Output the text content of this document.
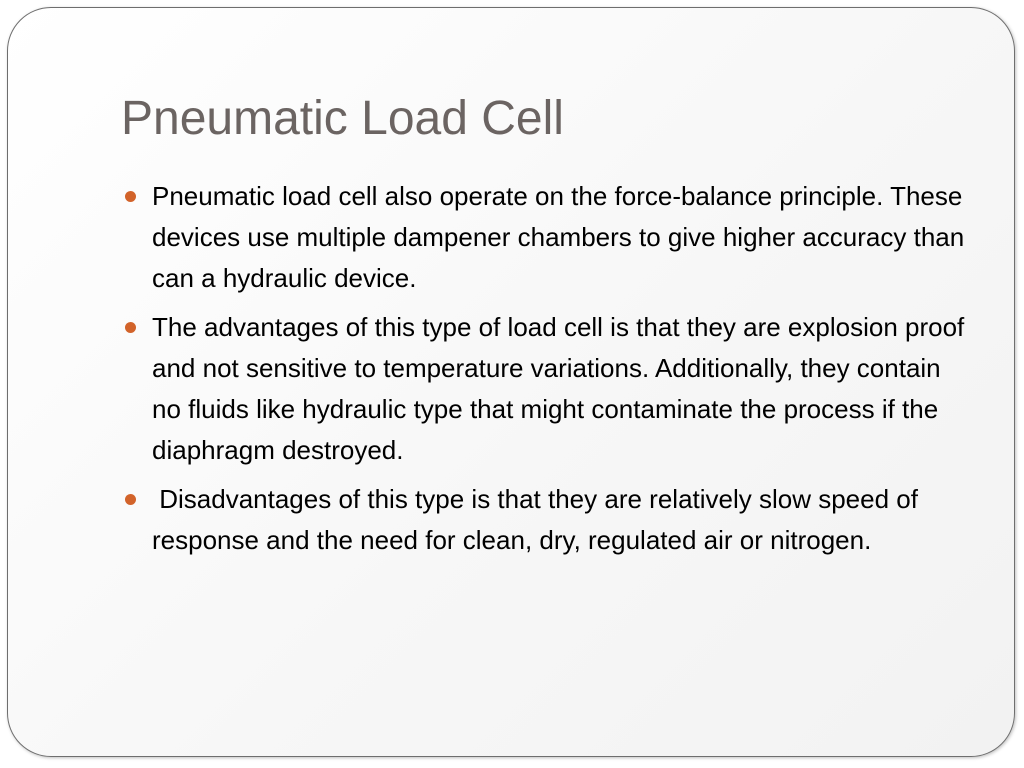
Pneumatic Load Cell
Pneumatic load cell also operate on the force-balance principle. These devices use multiple dampener chambers to give higher accuracy than can a hydraulic device.
The advantages of this type of load cell is that they are explosion proof and not sensitive to temperature variations. Additionally, they contain no fluids like hydraulic type that might contaminate the process if the diaphragm destroyed.
Disadvantages of this type is that they are relatively slow speed of response and the need for clean, dry, regulated air or nitrogen.
